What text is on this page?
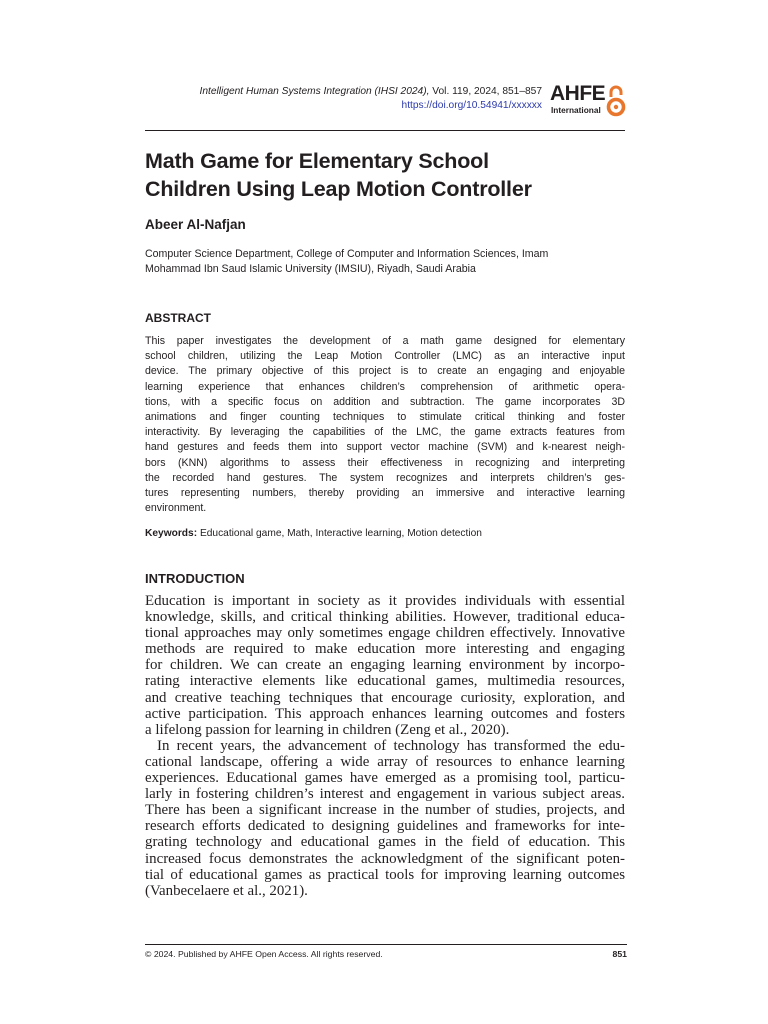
Intelligent Human Systems Integration (IHSI 2024), Vol. 119, 2024, 851–857
https://doi.org/10.54941/xxxxxx
AHFE
International
Math Game for Elementary School
Children Using Leap Motion Controller
Abeer Al-Nafjan
Computer Science Department, College of Computer and Information Sciences, Imam
Mohammad Ibn Saud Islamic University (IMSIU), Riyadh, Saudi Arabia
ABSTRACT
This paper investigates the development of a math game designed for elementary
school children, utilizing the Leap Motion Controller (LMC) as an interactive input
device. The primary objective of this project is to create an engaging and enjoyable
learning experience that enhances children’s comprehension of arithmetic opera-
tions, with a specific focus on addition and subtraction. The game incorporates 3D
animations and finger counting techniques to stimulate critical thinking and foster
interactivity. By leveraging the capabilities of the LMC, the game extracts features from
hand gestures and feeds them into support vector machine (SVM) and k-nearest neigh-
bors (KNN) algorithms to assess their effectiveness in recognizing and interpreting
the recorded hand gestures. The system recognizes and interprets children’s ges-
tures representing numbers, thereby providing an immersive and interactive learning
environment.
Keywords: Educational game, Math, Interactive learning, Motion detection
INTRODUCTION
Education is important in society as it provides individuals with essential
knowledge, skills, and critical thinking abilities. However, traditional educa-
tional approaches may only sometimes engage children effectively. Innovative
methods are required to make education more interesting and engaging
for children. We can create an engaging learning environment by incorpo-
rating interactive elements like educational games, multimedia resources,
and creative teaching techniques that encourage curiosity, exploration, and
active participation. This approach enhances learning outcomes and fosters
a lifelong passion for learning in children (Zeng et al., 2020).
In recent years, the advancement of technology has transformed the edu-
cational landscape, offering a wide array of resources to enhance learning
experiences. Educational games have emerged as a promising tool, particu-
larly in fostering children’s interest and engagement in various subject areas.
There has been a significant increase in the number of studies, projects, and
research efforts dedicated to designing guidelines and frameworks for inte-
grating technology and educational games in the field of education. This
increased focus demonstrates the acknowledgment of the significant poten-
tial of educational games as practical tools for improving learning outcomes
(Vanbecelaere et al., 2021).
© 2024. Published by AHFE Open Access. All rights reserved.	851
